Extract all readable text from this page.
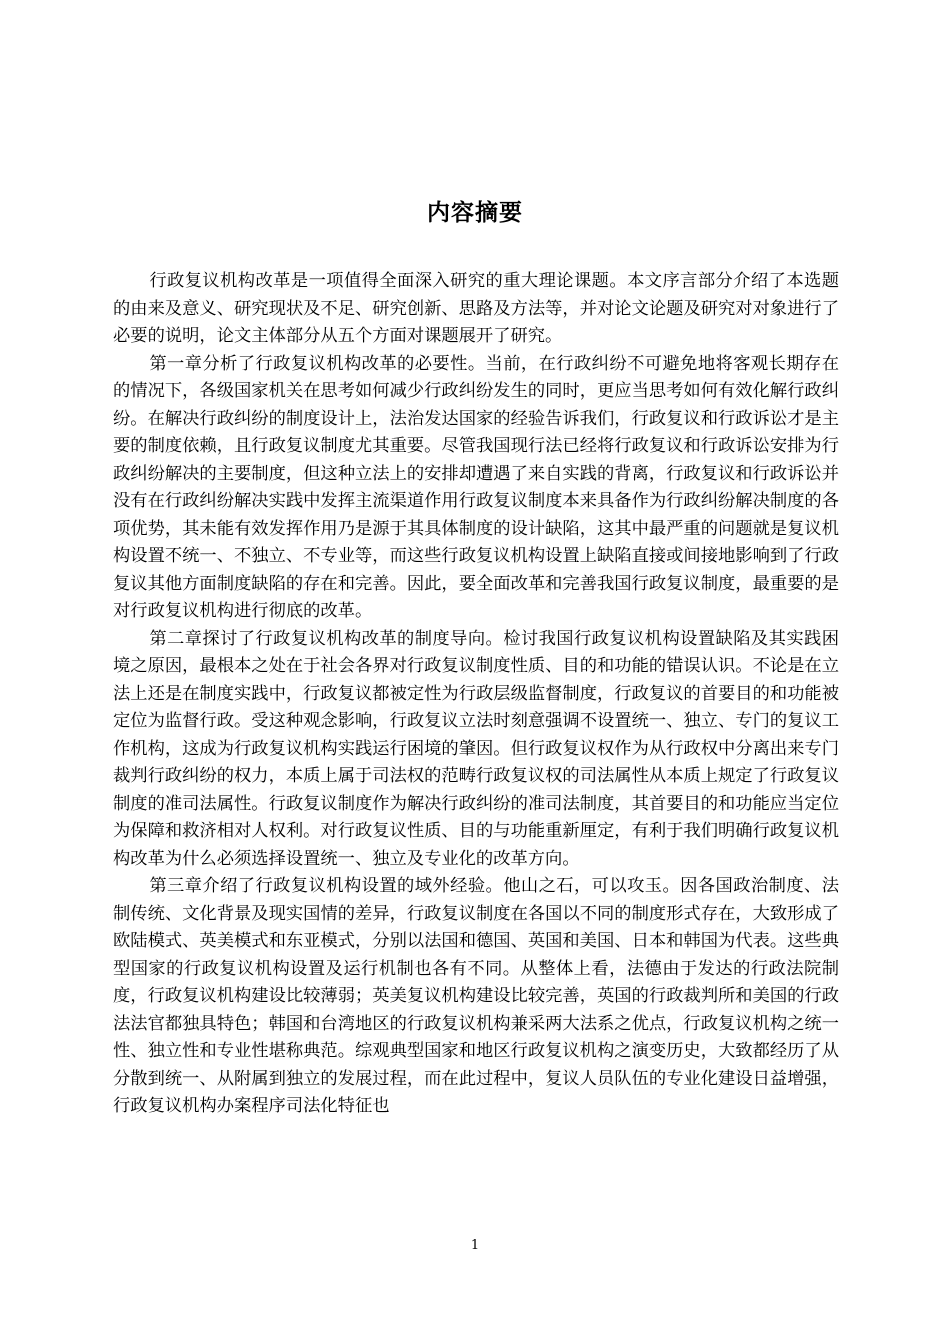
内容摘要

行政复议机构改革是一项值得全面深入研究的重大理论课题。本文序言部分介绍了本选题的由来及意义、研究现状及不足、研究创新、思路及方法等，并对论文论题及研究对对象进行了必要的说明，论文主体部分从五个方面对课题展开了研究。

第一章分析了行政复议机构改革的必要性。当前，在行政纠纷不可避免地将客观长期存在的情况下，各级国家机关在思考如何减少行政纠纷发生的同时，更应当思考如何有效化解行政纠纷。在解决行政纠纷的制度设计上，法治发达国家的经验告诉我们，行政复议和行政诉讼才是主要的制度依赖，且行政复议制度尤其重要。尽管我国现行法已经将行政复议和行政诉讼安排为行政纠纷解决的主要制度，但这种立法上的安排却遭遇了来自实践的背离，行政复议和行政诉讼并没有在行政纠纷解决实践中发挥主流渠道作用行政复议制度本来具备作为行政纠纷解决制度的各项优势，其未能有效发挥作用乃是源于其具体制度的设计缺陷，这其中最严重的问题就是复议机构设置不统一、不独立、不专业等，而这些行政复议机构设置上缺陷直接或间接地影响到了行政复议其他方面制度缺陷的存在和完善。因此，要全面改革和完善我国行政复议制度，最重要的是对行政复议机构进行彻底的改革。

第二章探讨了行政复议机构改革的制度导向。检讨我国行政复议机构设置缺陷及其实践困境之原因，最根本之处在于社会各界对行政复议制度性质、目的和功能的错误认识。不论是在立法上还是在制度实践中，行政复议都被定性为行政层级监督制度，行政复议的首要目的和功能被定位为监督行政。受这种观念影响，行政复议立法时刻意强调不设置统一、独立、专门的复议工作机构，这成为行政复议机构实践运行困境的肇因。但行政复议权作为从行政权中分离出来专门裁判行政纠纷的权力，本质上属于司法权的范畴行政复议权的司法属性从本质上规定了行政复议制度的准司法属性。行政复议制度作为解决行政纠纷的准司法制度，其首要目的和功能应当定位为保障和救济相对人权利。对行政复议性质、目的与功能重新厘定，有利于我们明确行政复议机构改革为什么必须选择设置统一、独立及专业化的改革方向。

第三章介绍了行政复议机构设置的域外经验。他山之石，可以攻玉。因各国政治制度、法制传统、文化背景及现实国情的差异，行政复议制度在各国以不同的制度形式存在，大致形成了欧陆模式、英美模式和东亚模式，分别以法国和德国、英国和美国、日本和韩国为代表。这些典型国家的行政复议机构设置及运行机制也各有不同。从整体上看，法德由于发达的行政法院制度，行政复议机构建设比较薄弱；英美复议机构建设比较完善，英国的行政裁判所和美国的行政法法官都独具特色；韩国和台湾地区的行政复议机构兼采两大法系之优点，行政复议机构之统一性、独立性和专业性堪称典范。综观典型国家和地区行政复议机构之演变历史，大致都经历了从分散到统一、从附属到独立的发展过程，而在此过程中，复议人员队伍的专业化建设日益增强，行政复议机构办案程序司法化特征也

1
